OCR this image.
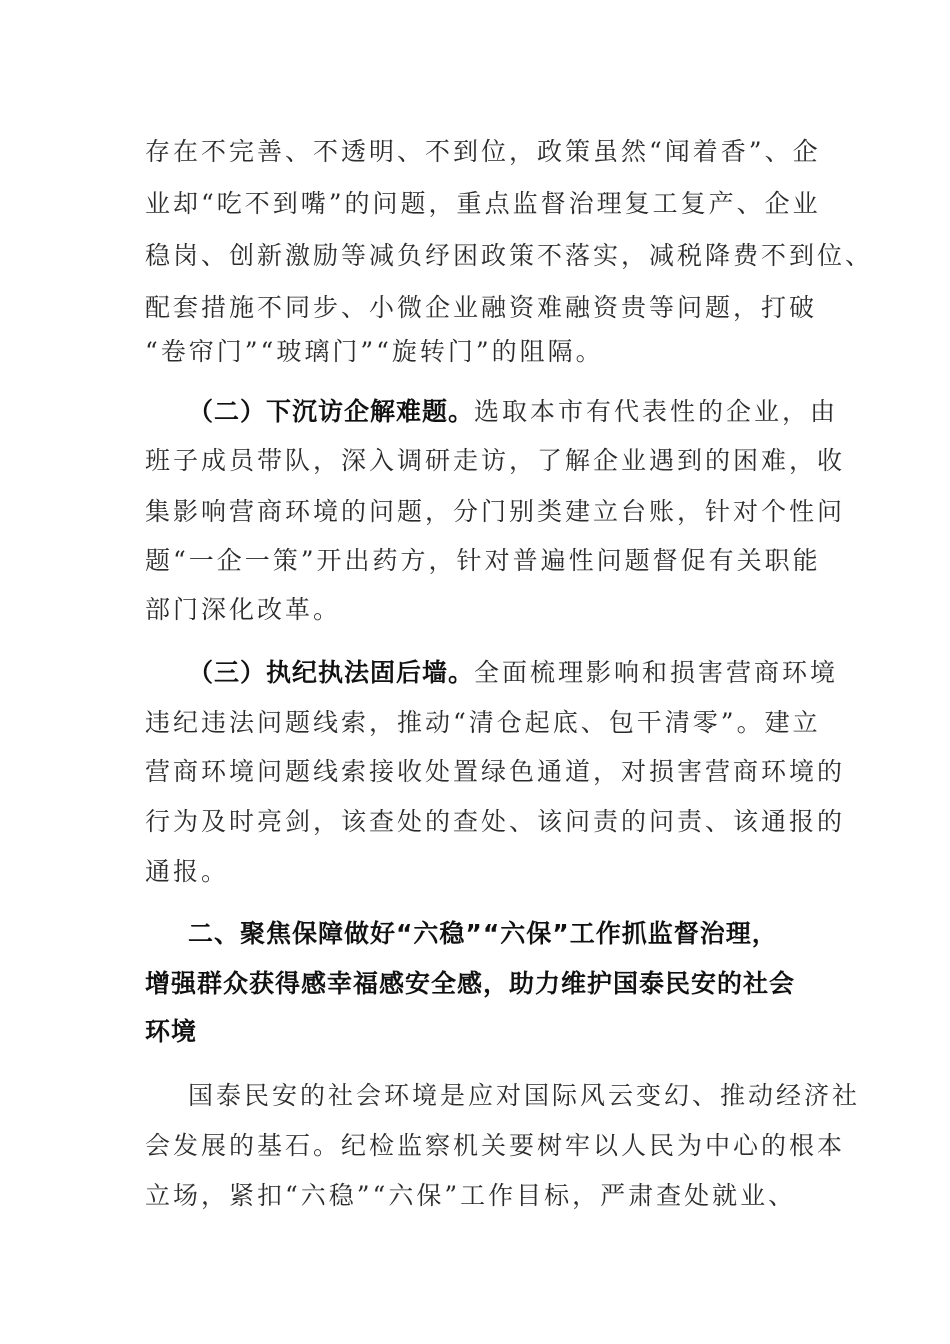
存在不完善、不透明、不到位，政策虽然“闻着香”、企

业却“吃不到嘴”的问题，重点监督治理复工复产、企业

稳岗、创新激励等减负纾困政策不落实，减税降费不到位、

配套措施不同步、小微企业融资难融资贵等问题，打破

“卷帘门”“玻璃门”“旋转门”的阻隔。

（二）下沉访企解难题。选取本市有代表性的企业，由

班子成员带队，深入调研走访，了解企业遇到的困难，收

集影响营商环境的问题，分门别类建立台账，针对个性问

题“一企一策”开出药方，针对普遍性问题督促有关职能

部门深化改革。

（三）执纪执法固后墙。全面梳理影响和损害营商环境

违纪违法问题线索，推动“清仓起底、包干清零”。建立

营商环境问题线索接收处置绿色通道，对损害营商环境的

行为及时亮剑，该查处的查处、该问责的问责、该通报的

通报。

二、聚焦保障做好“六稳”“六保”工作抓监督治理，

增强群众获得感幸福感安全感，助力维护国泰民安的社会

环境

国泰民安的社会环境是应对国际风云变幻、推动经济社

会发展的基石。纪检监察机关要树牢以人民为中心的根本

立场，紧扣“六稳”“六保”工作目标，严肃查处就业、
